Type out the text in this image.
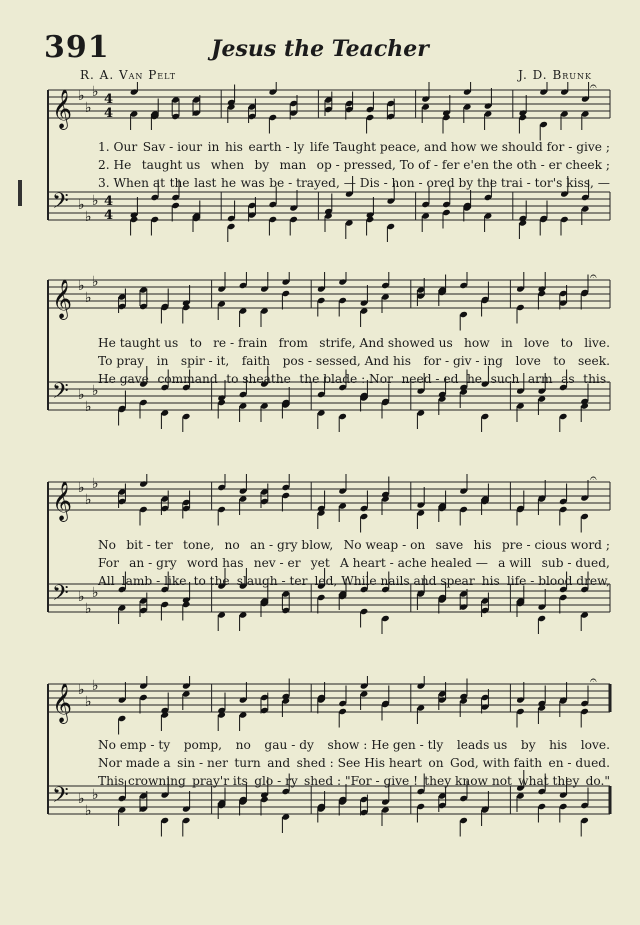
391	Jesus the Teacher
R. A. Van Pelt	J. D. Brunk
𝄞 ♭
♭
♭ 4
4
𝄢 ♭
♭
♭ 4
4
𝄐
1. Our Sav - iour in his earth - ly life Taught peace, and how we should for - give ;
2. He taught us when by man op - pressed, To of - fer e'en the oth - er cheek ;
3. When at the last he was be - trayed, — Dis - hon - ored by the trai - tor's kiss, —
𝄞 ♭
♭
♭
𝄢 ♭
♭
♭
𝄐
He taught us to re - frain from strife, And showed us how in love to live.
To pray in spir - it, faith pos - sessed, And his for - giv - ing love to seek.
He gave command to sheathe the blade : Nor need - ed he such arm as this.
𝄞 ♭
♭
♭
𝄢 ♭
♭
♭
𝄐
No bit - ter tone, no an - gry blow, No weap - on save his pre - cious word ;
For an - gry word has nev - er yet A heart - ache healed — a will sub - dued,
All lamb - like to the slaugh - ter led, While nails and spear his life - blood drew,
𝄞 ♭
♭
♭
𝄢 ♭
♭
♭
𝄐
No emp - ty pomp, no gau - dy show : He gen - tly leads us by his love.
Nor made a sin - ner turn and shed : See His heart on God, with faith en - dued.
This crowning pray'r its glo - ry shed : "For - give ! they know not what they do."
